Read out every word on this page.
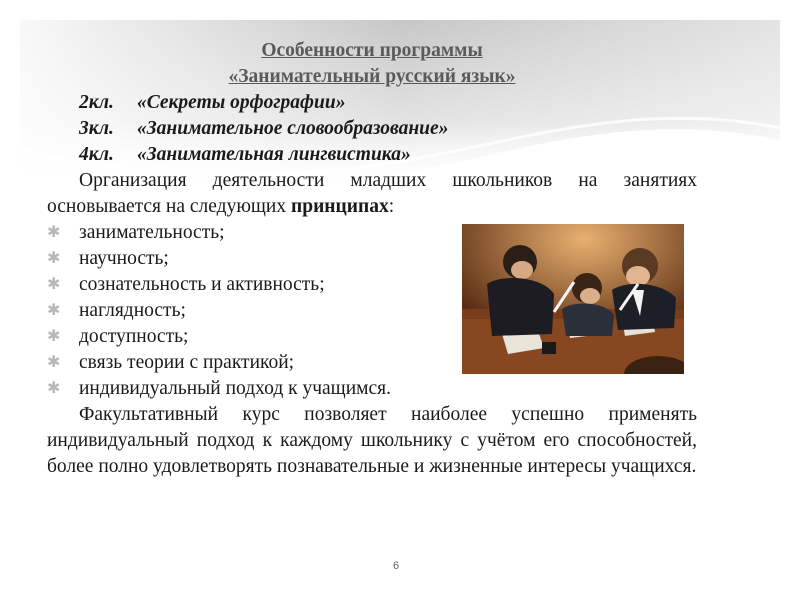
Особенности программы
«Занимательный русский язык»
2кл. «Секреты орфографии»
3кл. «Занимательное словообразование»
4кл. «Занимательная лингвистика»

Организация деятельности младших школьников на занятиях основывается на следующих принципах:

✱ занимательность;
✱ научность;
✱ сознательность и активность;
✱ наглядность;
✱ доступность;
✱ связь теории с практикой;
✱ индивидуальный подход к учащимся.

Факультативный курс позволяет наиболее успешно применять индивидуальный подход к каждому школьнику с учётом его способностей, более полно удовлетворять познавательные и жизненные интересы учащихся.

6
